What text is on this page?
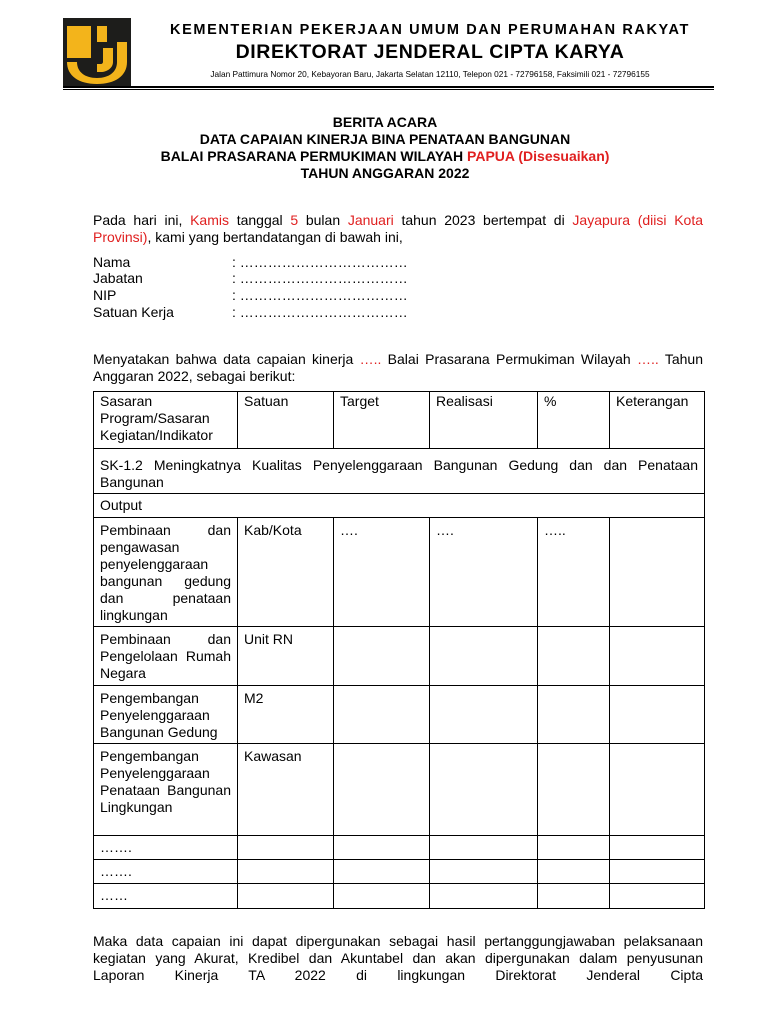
KEMENTERIAN PEKERJAAN UMUM DAN PERUMAHAN RAKYAT
DIREKTORAT JENDERAL CIPTA KARYA
Jalan Pattimura Nomor 20, Kebayoran Baru, Jakarta Selatan 12110, Telepon 021 - 72796158, Faksimili 021 - 72796155
BERITA ACARA
DATA CAPAIAN KINERJA BINA PENATAAN BANGUNAN
BALAI PRASARANA PERMUKIMAN WILAYAH PAPUA (Disesuaikan)
TAHUN ANGGARAN 2022
Pada hari ini, Kamis tanggal 5 bulan Januari tahun 2023 bertempat di Jayapura (diisi Kota Provinsi), kami yang bertandatangan di bawah ini,
Nama	: ………………………………
Jabatan	: ………………………………
NIP	: ………………………………
Satuan Kerja	: ………………………………
Menyatakan bahwa data capaian kinerja ….. Balai Prasarana Permukiman Wilayah ….. Tahun Anggaran 2022, sebagai berikut:
Sasaran Program/Sasaran Kegiatan/Indikator	Satuan	Target	Realisasi	%	Keterangan
SK-1.2 Meningkatnya Kualitas Penyelenggaraan Bangunan Gedung dan dan Penataan Bangunan					
Output					
Pembinaan dan pengawasan penyelenggaraan bangunan gedung dan penataan lingkungan	Kab/Kota	….	….	…..	
Pembinaan dan Pengelolaan Rumah Negara	Unit RN				
Pengembangan Penyelenggaraan Bangunan Gedung	M2				
Pengembangan Penyelenggaraan Penataan Bangunan Lingkungan	Kawasan				
…….					
…….					
……					
Maka data capaian ini dapat dipergunakan sebagai hasil pertanggungjawaban pelaksanaan kegiatan yang Akurat, Kredibel dan Akuntabel dan akan dipergunakan dalam penyusunan Laporan Kinerja TA 2022 di lingkungan Direktorat Jenderal Cipta
